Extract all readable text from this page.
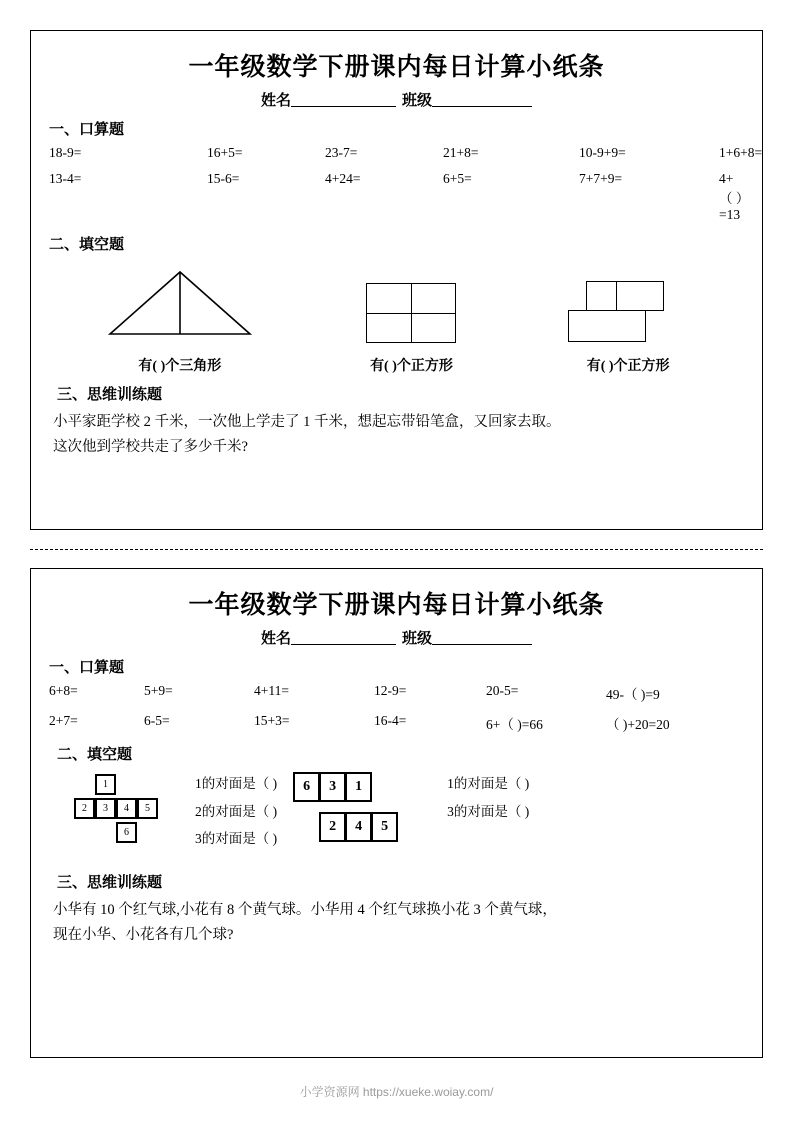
一年级数学下册课内每日计算小纸条
姓名	班级
一、口算题
18-9=	16+5=	23-7=	21+8=	10-9+9=	1+6+8=
13-4=	15-6=	4+24=	6+5=	7+7+9=	4+（ ）=13
二、填空题
有( )个三角形	有( )个正方形	有( )个正方形
三、思维训练题
小平家距学校 2 千米，一次他上学走了 1 千米，想起忘带铅笔盒，又回家去取。
这次他到学校共走了多少千米?
一年级数学下册课内每日计算小纸条
姓名	班级
一、口算题
6+8=	5+9=	4+11=	12-9=	20-5=	49-（ )=9
2+7=	6-5=	15+3=	16-4=	6+（ )=66	（ )+20=20
二、填空题
1
2	3	4	5
6
1的对面是（ )
2的对面是（ )
3的对面是（ )
6	3	1
2	4	5
1的对面是（ )
3的对面是（ )
三、思维训练题
小华有 10 个红气球,小花有 8 个黄气球。小华用 4 个红气球换小花 3 个黄气球，
现在小华、小花各有几个球?
小学资源网 https://xueke.woiay.com/
